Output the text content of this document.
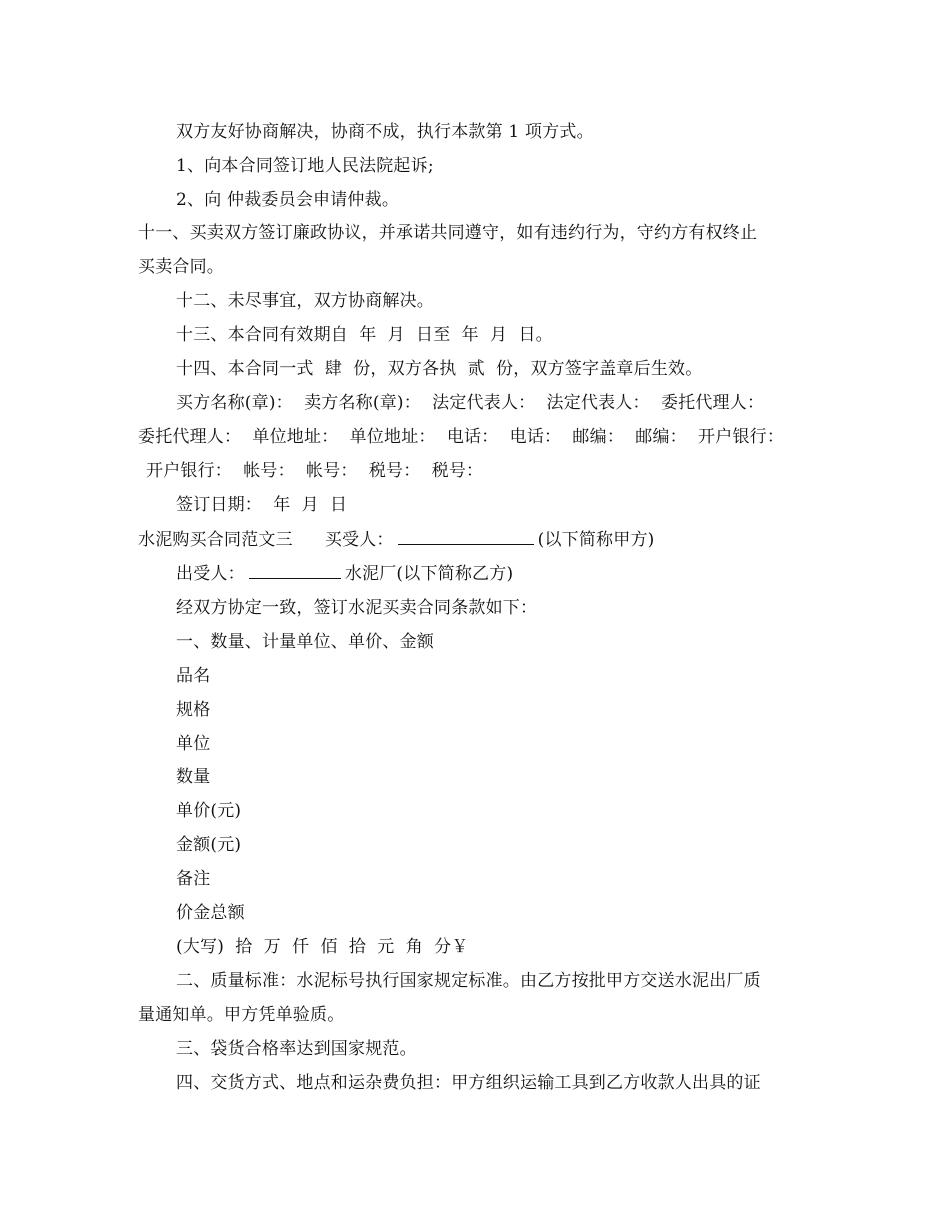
双方友好协商解决，协商不成，执行本款第 1 项方式。
1、向本合同签订地人民法院起诉;
2、向 仲裁委员会申请仲裁。
十一、买卖双方签订廉政协议，并承诺共同遵守，如有违约行为，守约方有权终止
买卖合同。
十二、未尽事宜，双方协商解决。
十三、本合同有效期自  年  月  日至  年  月  日。
十四、本合同一式  肆  份，双方各执  贰  份，双方签字盖章后生效。
买方名称(章)：  卖方名称(章)：  法定代表人：  法定代表人：  委托代理人：
委托代理人：  单位地址：  单位地址：  电话：  电话：  邮编：  邮编：  开户银行：
开户银行：  帐号：  帐号：  税号：  税号：
签订日期：  年  月  日
水泥购买合同范文三 买受人：	(以下简称甲方)
出受人：	水泥厂(以下简称乙方)
经双方协定一致，签订水泥买卖合同条款如下：
一、数量、计量单位、单价、金额
品名
规格
单位
数量
单价(元)
金额(元)
备注
价金总额
(大写)  拾  万  仟  佰  拾  元  角  分￥
二、质量标准：水泥标号执行国家规定标准。由乙方按批甲方交送水泥出厂质
量通知单。甲方凭单验质。
三、袋货合格率达到国家规范。
四、交货方式、地点和运杂费负担：甲方组织运输工具到乙方收款人出具的证
